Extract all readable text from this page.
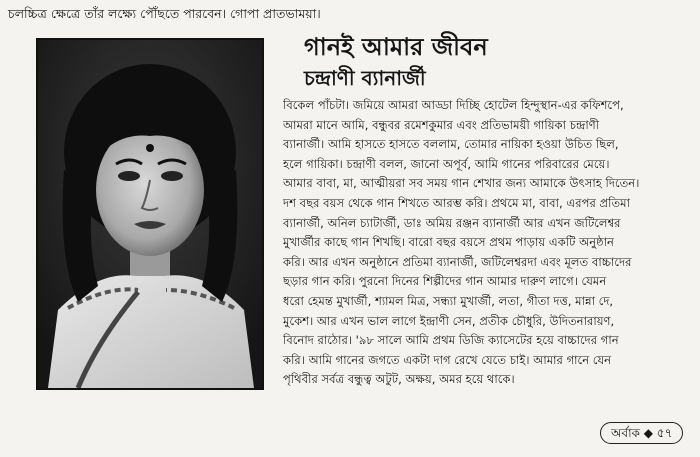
চলচ্চিত্র ক্ষেত্রে তাঁর লক্ষ্যে পৌঁছতে পারবেন। গোপা প্রাতভাময়া।
গানই আমার জীবন
চন্দ্রাণী ব্যানার্জী
বিকেল পাঁচটা। জমিয়ে আমরা আড্ডা দিচ্ছি হোটেল হিন্দুস্থান-এর কফিশপে,
আমরা মানে আমি, বন্ধুবর রমেশকুমার এবং প্রতিভাময়ী গায়িকা চন্দ্রাণী
ব্যানার্জী। আমি হাসতে হাসতে বললাম, তোমার নায়িকা হওয়া উচিত ছিল,
হলে গায়িকা। চন্দ্রাণী বলল, জানো অপূর্ব, আমি গানের পরিবারের মেয়ে।
আমার বাবা, মা, আত্মীয়রা সব সময় গান শেখার জন্য আমাকে উৎসাহ দিতেন।
দশ বছর বয়স থেকে গান শিখতে আরম্ভ করি। প্রথমে মা, বাবা, এরপর প্রতিমা
ব্যানার্জী, অনিল চ্যাটার্জী, ডাঃ অমিয় রঞ্জন ব্যানার্জী আর এখন জটিলেশ্বর
মুখার্জীর কাছে গান শিখছি। বারো বছর বয়সে প্রথম পাড়ায় একটি অনুষ্ঠান
করি। আর এখন অনুষ্ঠানে প্রতিমা ব্যানার্জী, জটিলেশ্বরদা এবং মূলত বাচ্চাদের
ছড়ার গান করি। পুরনো দিনের শিল্পীদের গান আমার দারুণ লাগে। যেমন
ধরো হেমন্ত মুখার্জী, শ্যামল মিত্র, সন্ধ্যা মুখার্জী, লতা, গীতা দত্ত, মান্না দে,
মুকেশ। আর এখন ভাল লাগে ইন্দ্রাণী সেন, প্রতীক চৌধুরি, উদিতনারায়ণ,
বিনোদ রাঠোর। '৯৮ সালে আমি প্রথম ডিজি ক্যাসেটের হয়ে বাচ্চাদের গান
করি। আমি গানের জগতে একটা দাগ রেখে যেতে চাই। আমার গানে যেন
পৃথিবীর সর্বত্র বন্ধুত্ব অটুট, অক্ষয়, অমর হয়ে থাকে।
অর্বাক ◆ ৫৭
